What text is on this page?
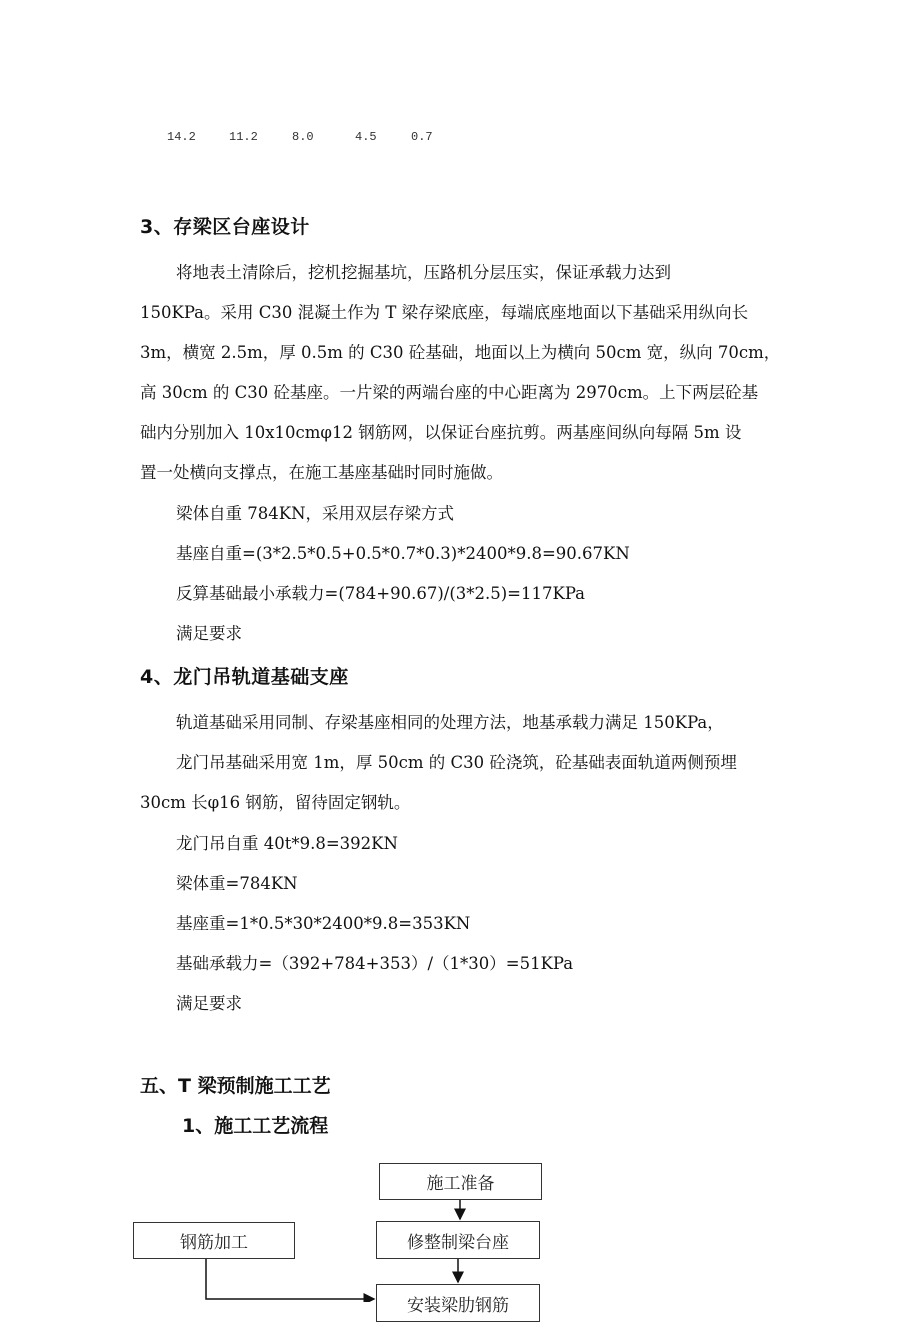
14.2	11.2	8.0	4.5	0.7
3、存梁区台座设计
将地表土清除后，挖机挖掘基坑，压路机分层压实，保证承载力达到
150KPa。采用 C30 混凝土作为 T 梁存梁底座，每端底座地面以下基础采用纵向长
3m，横宽 2.5m，厚 0.5m 的 C30 砼基础，地面以上为横向 50cm 宽，纵向 70cm，
高 30cm 的 C30 砼基座。一片梁的两端台座的中心距离为 2970cm。上下两层砼基
础内分别加入 10x10cmφ12 钢筋网，以保证台座抗剪。两基座间纵向每隔 5m 设
置一处横向支撑点，在施工基座基础时同时施做。
梁体自重 784KN，采用双层存梁方式
基座自重=(3*2.5*0.5+0.5*0.7*0.3)*2400*9.8=90.67KN
反算基础最小承载力=(784+90.67)/(3*2.5)=117KPa
满足要求
4、龙门吊轨道基础支座
轨道基础采用同制、存梁基座相同的处理方法，地基承载力满足 150KPa，
龙门吊基础采用宽 1m，厚 50cm 的 C30 砼浇筑，砼基础表面轨道两侧预埋
30cm 长φ16 钢筋，留待固定钢轨。
龙门吊自重 40t*9.8=392KN
梁体重=784KN
基座重=1*0.5*30*2400*9.8=353KN
基础承载力=（392+784+353）/（1*30）=51KPa
满足要求
五、T 梁预制施工工艺
1、施工工艺流程
施工准备
钢筋加工	修整制梁台座
安装梁肋钢筋
